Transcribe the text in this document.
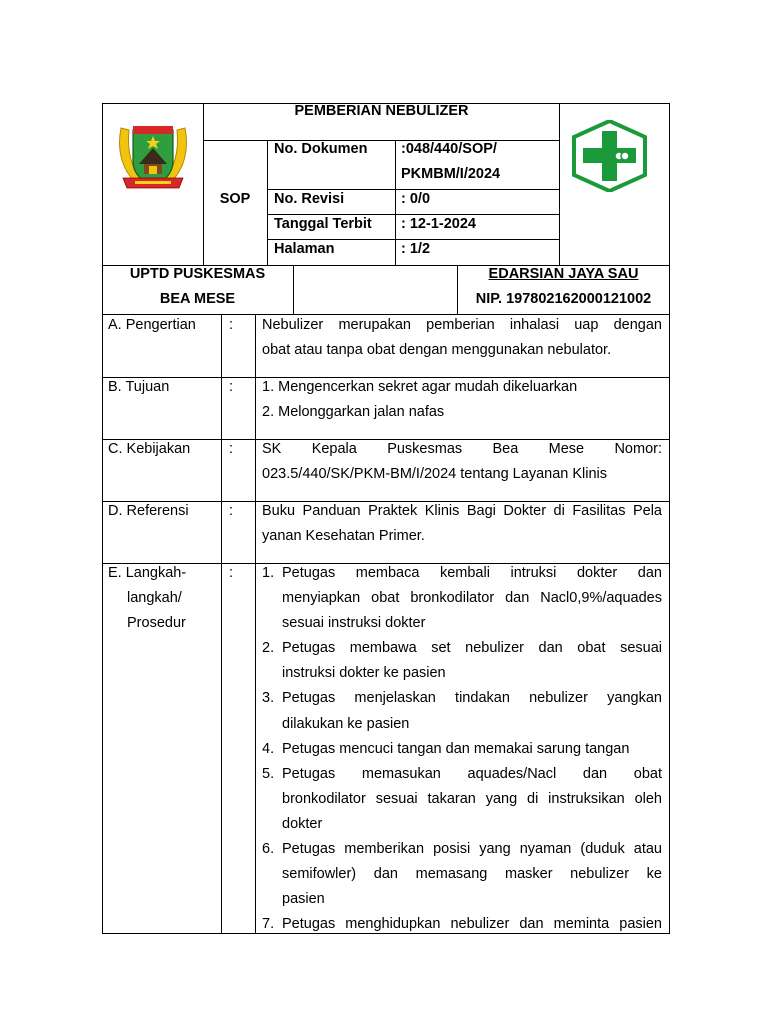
PEMBERIAN NEBULIZER
SOP
No. Dokumen :048/440/SOP/
PKMBM/I/2024
No. Revisi	: 0/0
Tanggal Terbit : 12-1-2024
Halaman	: 1/2
UPTD PUSKESMAS
BEA MESE
EDARSIAN JAYA SAU
NIP. 197802162000121002
A. Pengertian : Nebulizer merupakan pemberian inhalasi uap dengan
obat atau tanpa obat dengan menggunakan nebulator.
B. Tujuan	: 1. Mengencerkan sekret agar mudah dikeluarkan
2. Melonggarkan jalan nafas
C. Kebijakan	: SK Kepala Puskesmas Bea Mese Nomor:
023.5/440/SK/PKM-BM/I/2024 tentang Layanan Klinis
D. Referensi	: Buku Panduan Praktek Klinis Bagi Dokter di Fasilitas Pela
yanan Kesehatan Primer.
E. Langkah-
langkah/
Prosedur
: 1. Petugas membaca kembali intruksi dokter dan
menyiapkan obat bronkodilator dan Nacl0,9%/aquades
sesuai instruksi dokter
2. Petugas membawa set nebulizer dan obat sesuai
instruksi dokter ke pasien
3. Petugas menjelaskan tindakan nebulizer yangkan
dilakukan ke pasien
4. Petugas mencuci tangan dan memakai sarung tangan
5. Petugas memasukan aquades/Nacl dan obat
bronkodilator sesuai takaran yang di instruksikan oleh
dokter
6. Petugas memberikan posisi yang nyaman (duduk atau
semifowler) dan memasang masker nebulizer ke
pasien
7. Petugas menghidupkan nebulizer dan meminta pasien
